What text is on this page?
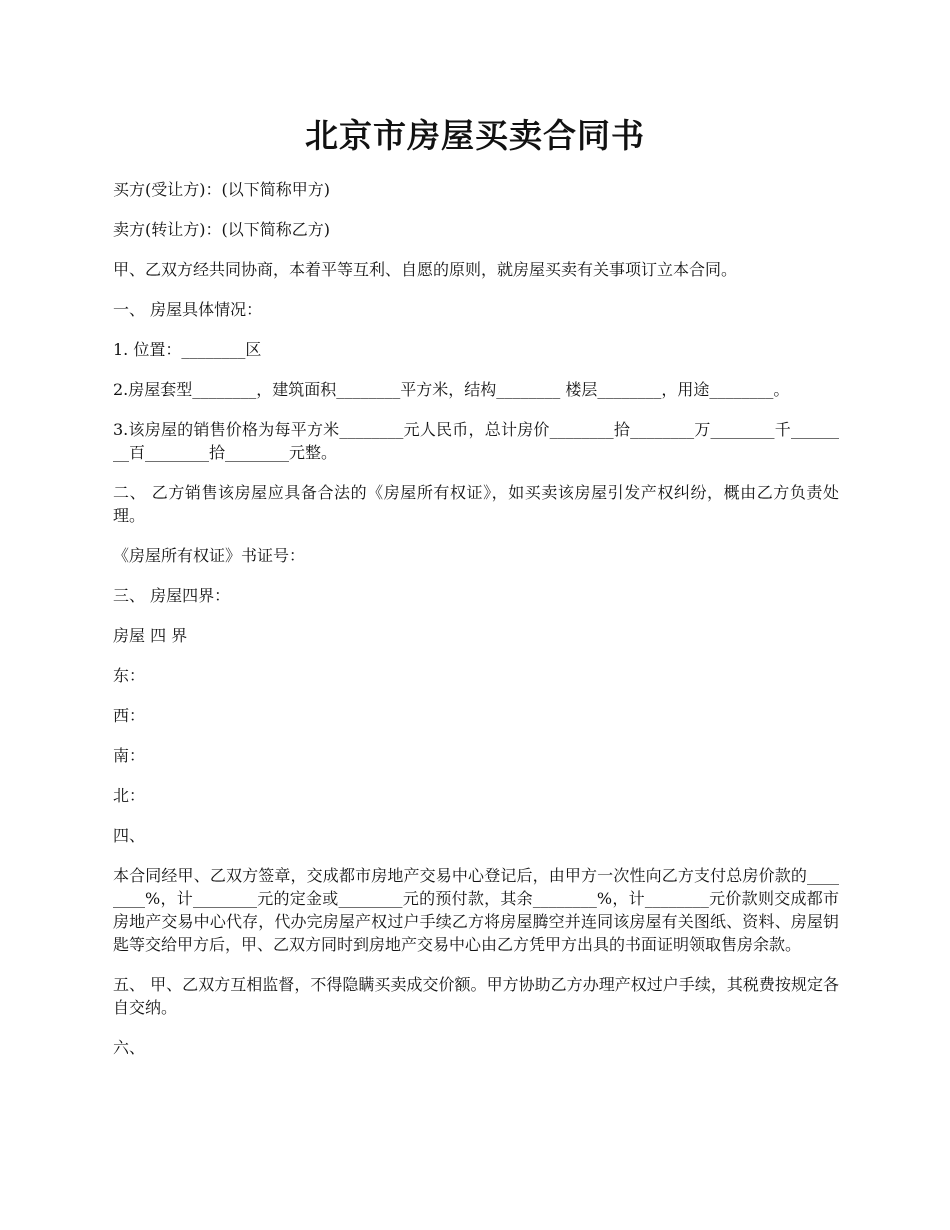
北京市房屋买卖合同书

买方(受让方)：(以下简称甲方)

卖方(转让方)：(以下简称乙方)

甲、乙双方经共同协商，本着平等互利、自愿的原则，就房屋买卖有关事项订立本合同。

一、 房屋具体情况：

1. 位置：________区

2.房屋套型________，建筑面积________平方米，结构________ 楼层________，用途________。

3.该房屋的销售价格为每平方米________元人民币，总计房价________拾________万________千________百________拾________元整。

二、 乙方销售该房屋应具备合法的《房屋所有权证》，如买卖该房屋引发产权纠纷，概由乙方负责处理。

《房屋所有权证》书证号：

三、 房屋四界：

房屋 四 界

东：

西：

南：

北：

四、

本合同经甲、乙双方签章，交成都市房地产交易中心登记后，由甲方一次性向乙方支付总房价款的________%，计________元的定金或________元的预付款，其余________%，计________元价款则交成都市房地产交易中心代存，代办完房屋产权过户手续乙方将房屋腾空并连同该房屋有关图纸、资料、房屋钥匙等交给甲方后，甲、乙双方同时到房地产交易中心由乙方凭甲方出具的书面证明领取售房余款。

五、 甲、乙双方互相监督，不得隐瞒买卖成交价额。甲方协助乙方办理产权过户手续，其税费按规定各自交纳。

六、
